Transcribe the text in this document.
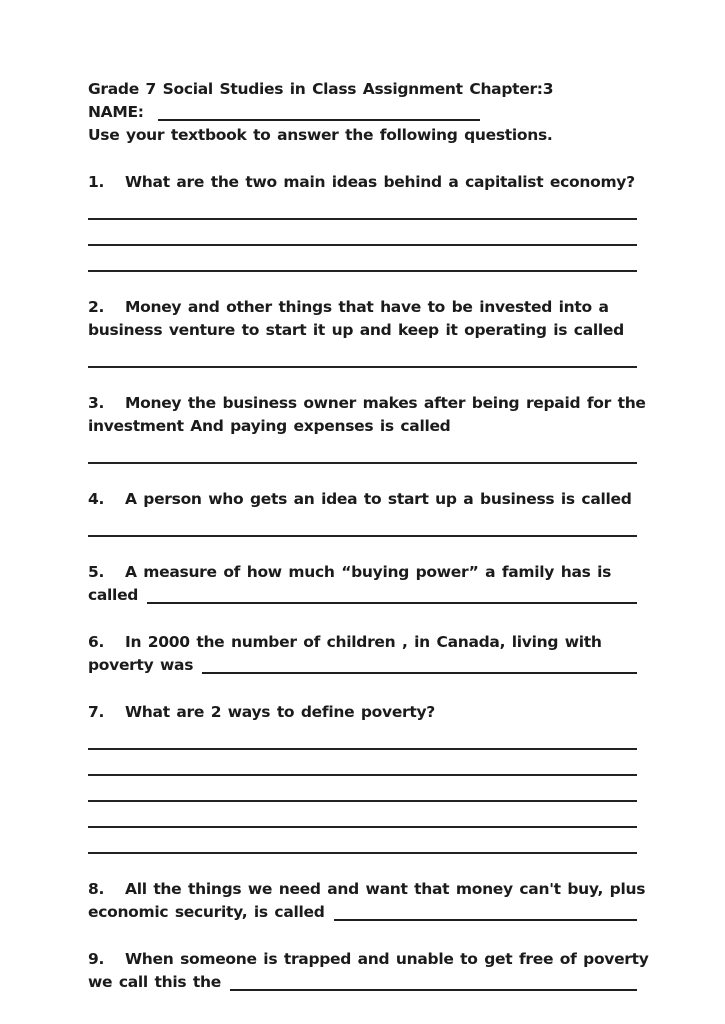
Grade 7 Social Studies in Class Assignment Chapter:3
NAME:
Use your textbook to answer the following questions.
1.	What are the two main ideas behind a capitalist economy?
2.	Money and other things that have to be invested into a
business venture to start it up and keep it operating is called
3.	Money the business owner makes after being repaid for the
investment And paying expenses is called
4.	A person who gets an idea to start up a business is called
5.	A measure of how much “buying power” a family has is
called
6.	In 2000 the number of children , in Canada, living with
poverty was
7.	What are 2 ways to define poverty?
8.	All the things we need and want that money can't buy, plus
economic security, is called
9.	When someone is trapped and unable to get free of poverty
we call this the
